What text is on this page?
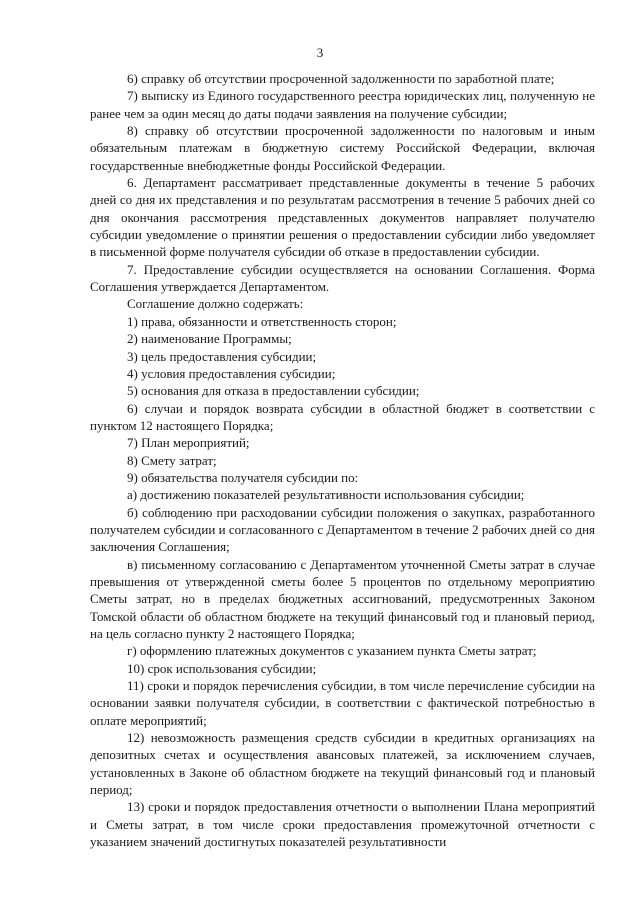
3

6) справку об отсутствии просроченной задолженности по заработной плате;

7) выписку из Единого государственного реестра юридических лиц, полученную не ранее чем за один месяц до даты подачи заявления на получение субсидии;

8) справку об отсутствии просроченной задолженности по налоговым и иным обязательным платежам в бюджетную систему Российской Федерации, включая государственные внебюджетные фонды Российской Федерации.

6. Департамент рассматривает представленные документы в течение 5 рабочих дней со дня их представления и по результатам рассмотрения в течение 5 рабочих дней со дня окончания рассмотрения представленных документов направляет получателю субсидии уведомление о принятии решения о предоставлении субсидии либо уведомляет в письменной форме получателя субсидии об отказе в предоставлении субсидии.

7. Предоставление субсидии осуществляется на основании Соглашения. Форма Соглашения утверждается Департаментом.

Соглашение должно содержать:

1) права, обязанности и ответственность сторон;

2) наименование Программы;

3) цель предоставления субсидии;

4) условия предоставления субсидии;

5) основания для отказа в предоставлении субсидии;

6) случаи и порядок возврата субсидии в областной бюджет в соответствии с пунктом 12 настоящего Порядка;

7) План мероприятий;

8) Смету затрат;

9) обязательства получателя субсидии по:

а) достижению показателей результативности использования субсидии;

б) соблюдению при расходовании субсидии положения о закупках, разработанного получателем субсидии и согласованного с Департаментом в течение 2 рабочих дней со дня заключения Соглашения;

в) письменному согласованию с Департаментом уточненной Сметы затрат в случае превышения от утвержденной сметы более 5 процентов по отдельному мероприятию Сметы затрат, но в пределах бюджетных ассигнований, предусмотренных Законом Томской области об областном бюджете на текущий финансовый год и плановый период, на цель согласно пункту 2 настоящего Порядка;

г) оформлению платежных документов с указанием пункта Сметы затрат;

10) срок использования субсидии;

11) сроки и порядок перечисления субсидии, в том числе перечисление субсидии на основании заявки получателя субсидии, в соответствии с фактической потребностью в оплате мероприятий;

12) невозможность размещения средств субсидии в кредитных организациях на депозитных счетах и осуществления авансовых платежей, за исключением случаев, установленных в Законе об областном бюджете на текущий финансовый год и плановый период;

13) сроки и порядок предоставления отчетности о выполнении Плана мероприятий и Сметы затрат, в том числе сроки предоставления промежуточной отчетности с указанием значений достигнутых показателей результативности
